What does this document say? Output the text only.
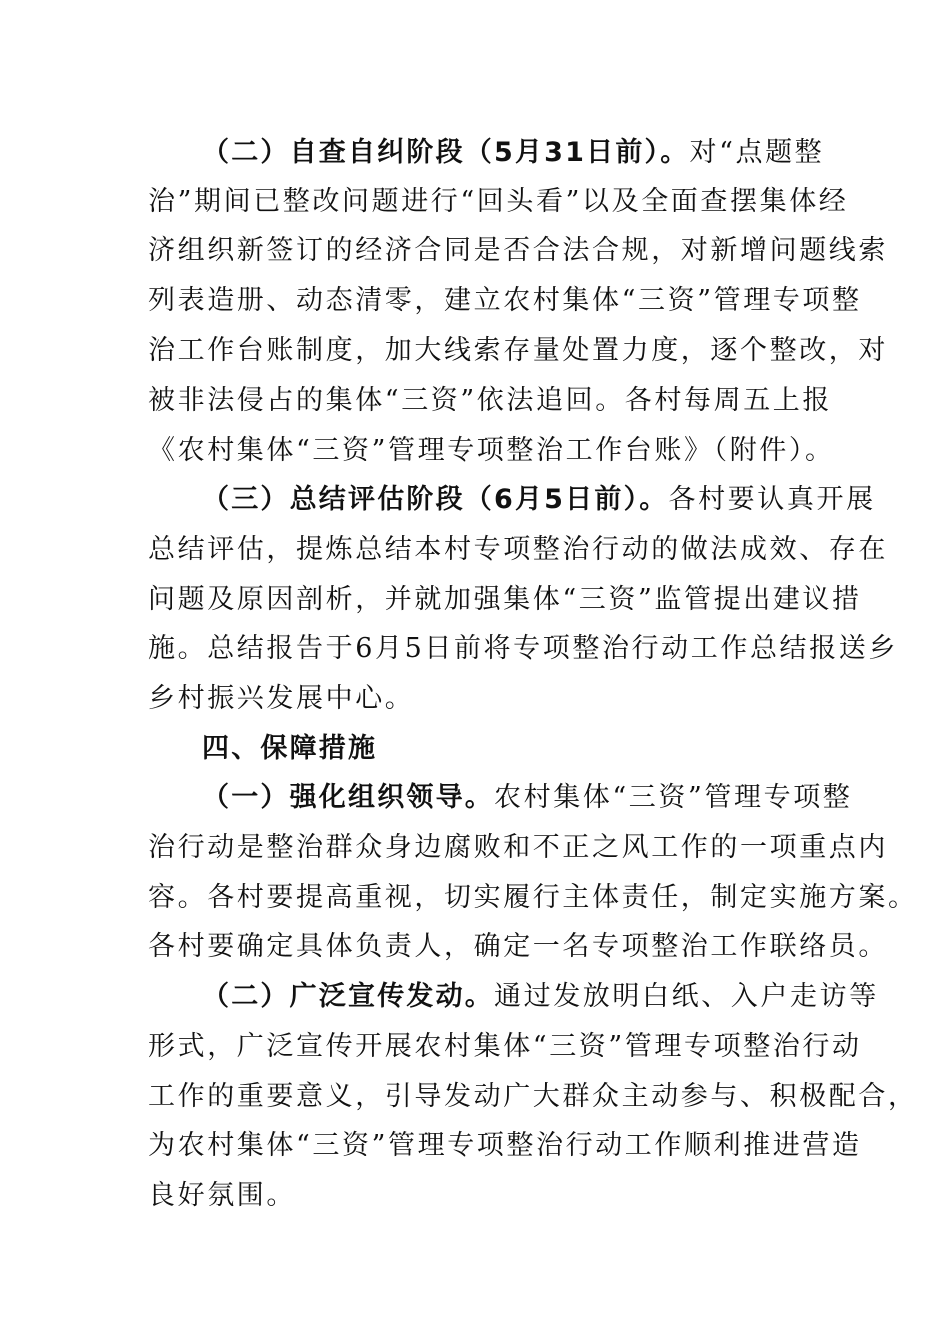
（二）自查自纠阶段（5月31日前）。对“点题整
治”期间已整改问题进行“回头看”以及全面查摆集体经
济组织新签订的经济合同是否合法合规，对新增问题线索
列表造册、动态清零，建立农村集体“三资”管理专项整
治工作台账制度，加大线索存量处置力度，逐个整改，对
被非法侵占的集体“三资”依法追回。各村每周五上报
《农村集体“三资”管理专项整治工作台账》（附件）。
（三）总结评估阶段（6月5日前）。各村要认真开展
总结评估，提炼总结本村专项整治行动的做法成效、存在
问题及原因剖析，并就加强集体“三资”监管提出建议措
施。总结报告于6月5日前将专项整治行动工作总结报送乡
乡村振兴发展中心。
四、保障措施
（一）强化组织领导。农村集体“三资”管理专项整
治行动是整治群众身边腐败和不正之风工作的一项重点内
容。各村要提高重视，切实履行主体责任，制定实施方案。
各村要确定具体负责人，确定一名专项整治工作联络员。
（二）广泛宣传发动。通过发放明白纸、入户走访等
形式，广泛宣传开展农村集体“三资”管理专项整治行动
工作的重要意义，引导发动广大群众主动参与、积极配合，
为农村集体“三资”管理专项整治行动工作顺利推进营造
良好氛围。
